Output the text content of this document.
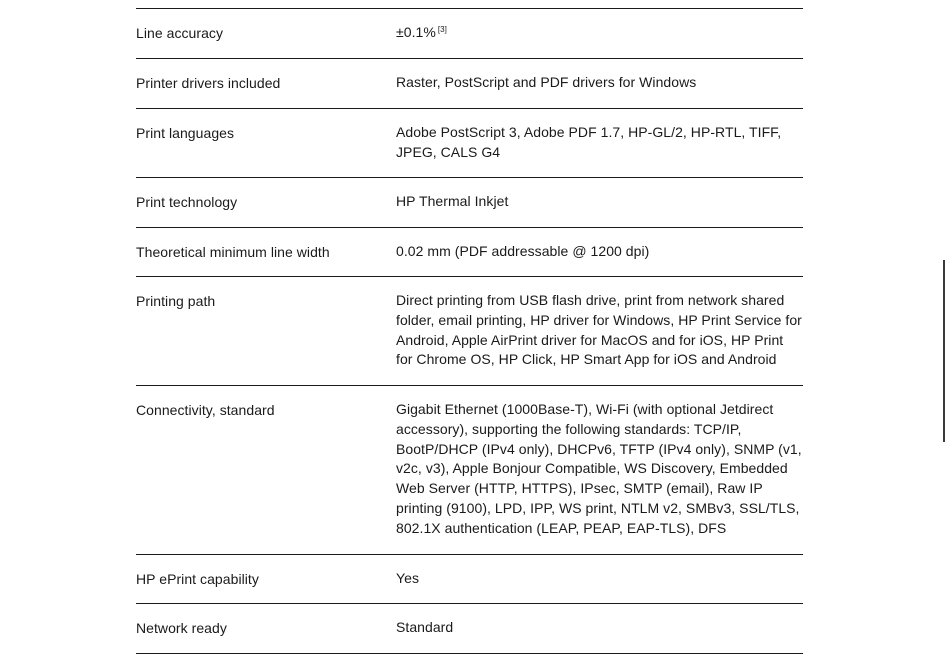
Line accuracy	±0.1% [3]
Printer drivers included	Raster, PostScript and PDF drivers for Windows
Print languages	Adobe PostScript 3, Adobe PDF 1.7, HP-GL/2, HP-RTL, TIFF, JPEG, CALS G4
Print technology	HP Thermal Inkjet
Theoretical minimum line width	0.02 mm (PDF addressable @ 1200 dpi)
Printing path	Direct printing from USB flash drive, print from network shared folder, email printing, HP driver for Windows, HP Print Service for Android, Apple AirPrint driver for MacOS and for iOS, HP Print for Chrome OS, HP Click, HP Smart App for iOS and Android
Connectivity, standard	Gigabit Ethernet (1000Base-T), Wi-Fi (with optional Jetdirect accessory), supporting the following standards: TCP/IP, BootP/DHCP (IPv4 only), DHCPv6, TFTP (IPv4 only), SNMP (v1, v2c, v3), Apple Bonjour Compatible, WS Discovery, Embedded Web Server (HTTP, HTTPS), IPsec, SMTP (email), Raw IP printing (9100), LPD, IPP, WS print, NTLM v2, SMBv3, SSL/TLS, 802.1X authentication (LEAP, PEAP, EAP-TLS), DFS
HP ePrint capability	Yes
Network ready	Standard
